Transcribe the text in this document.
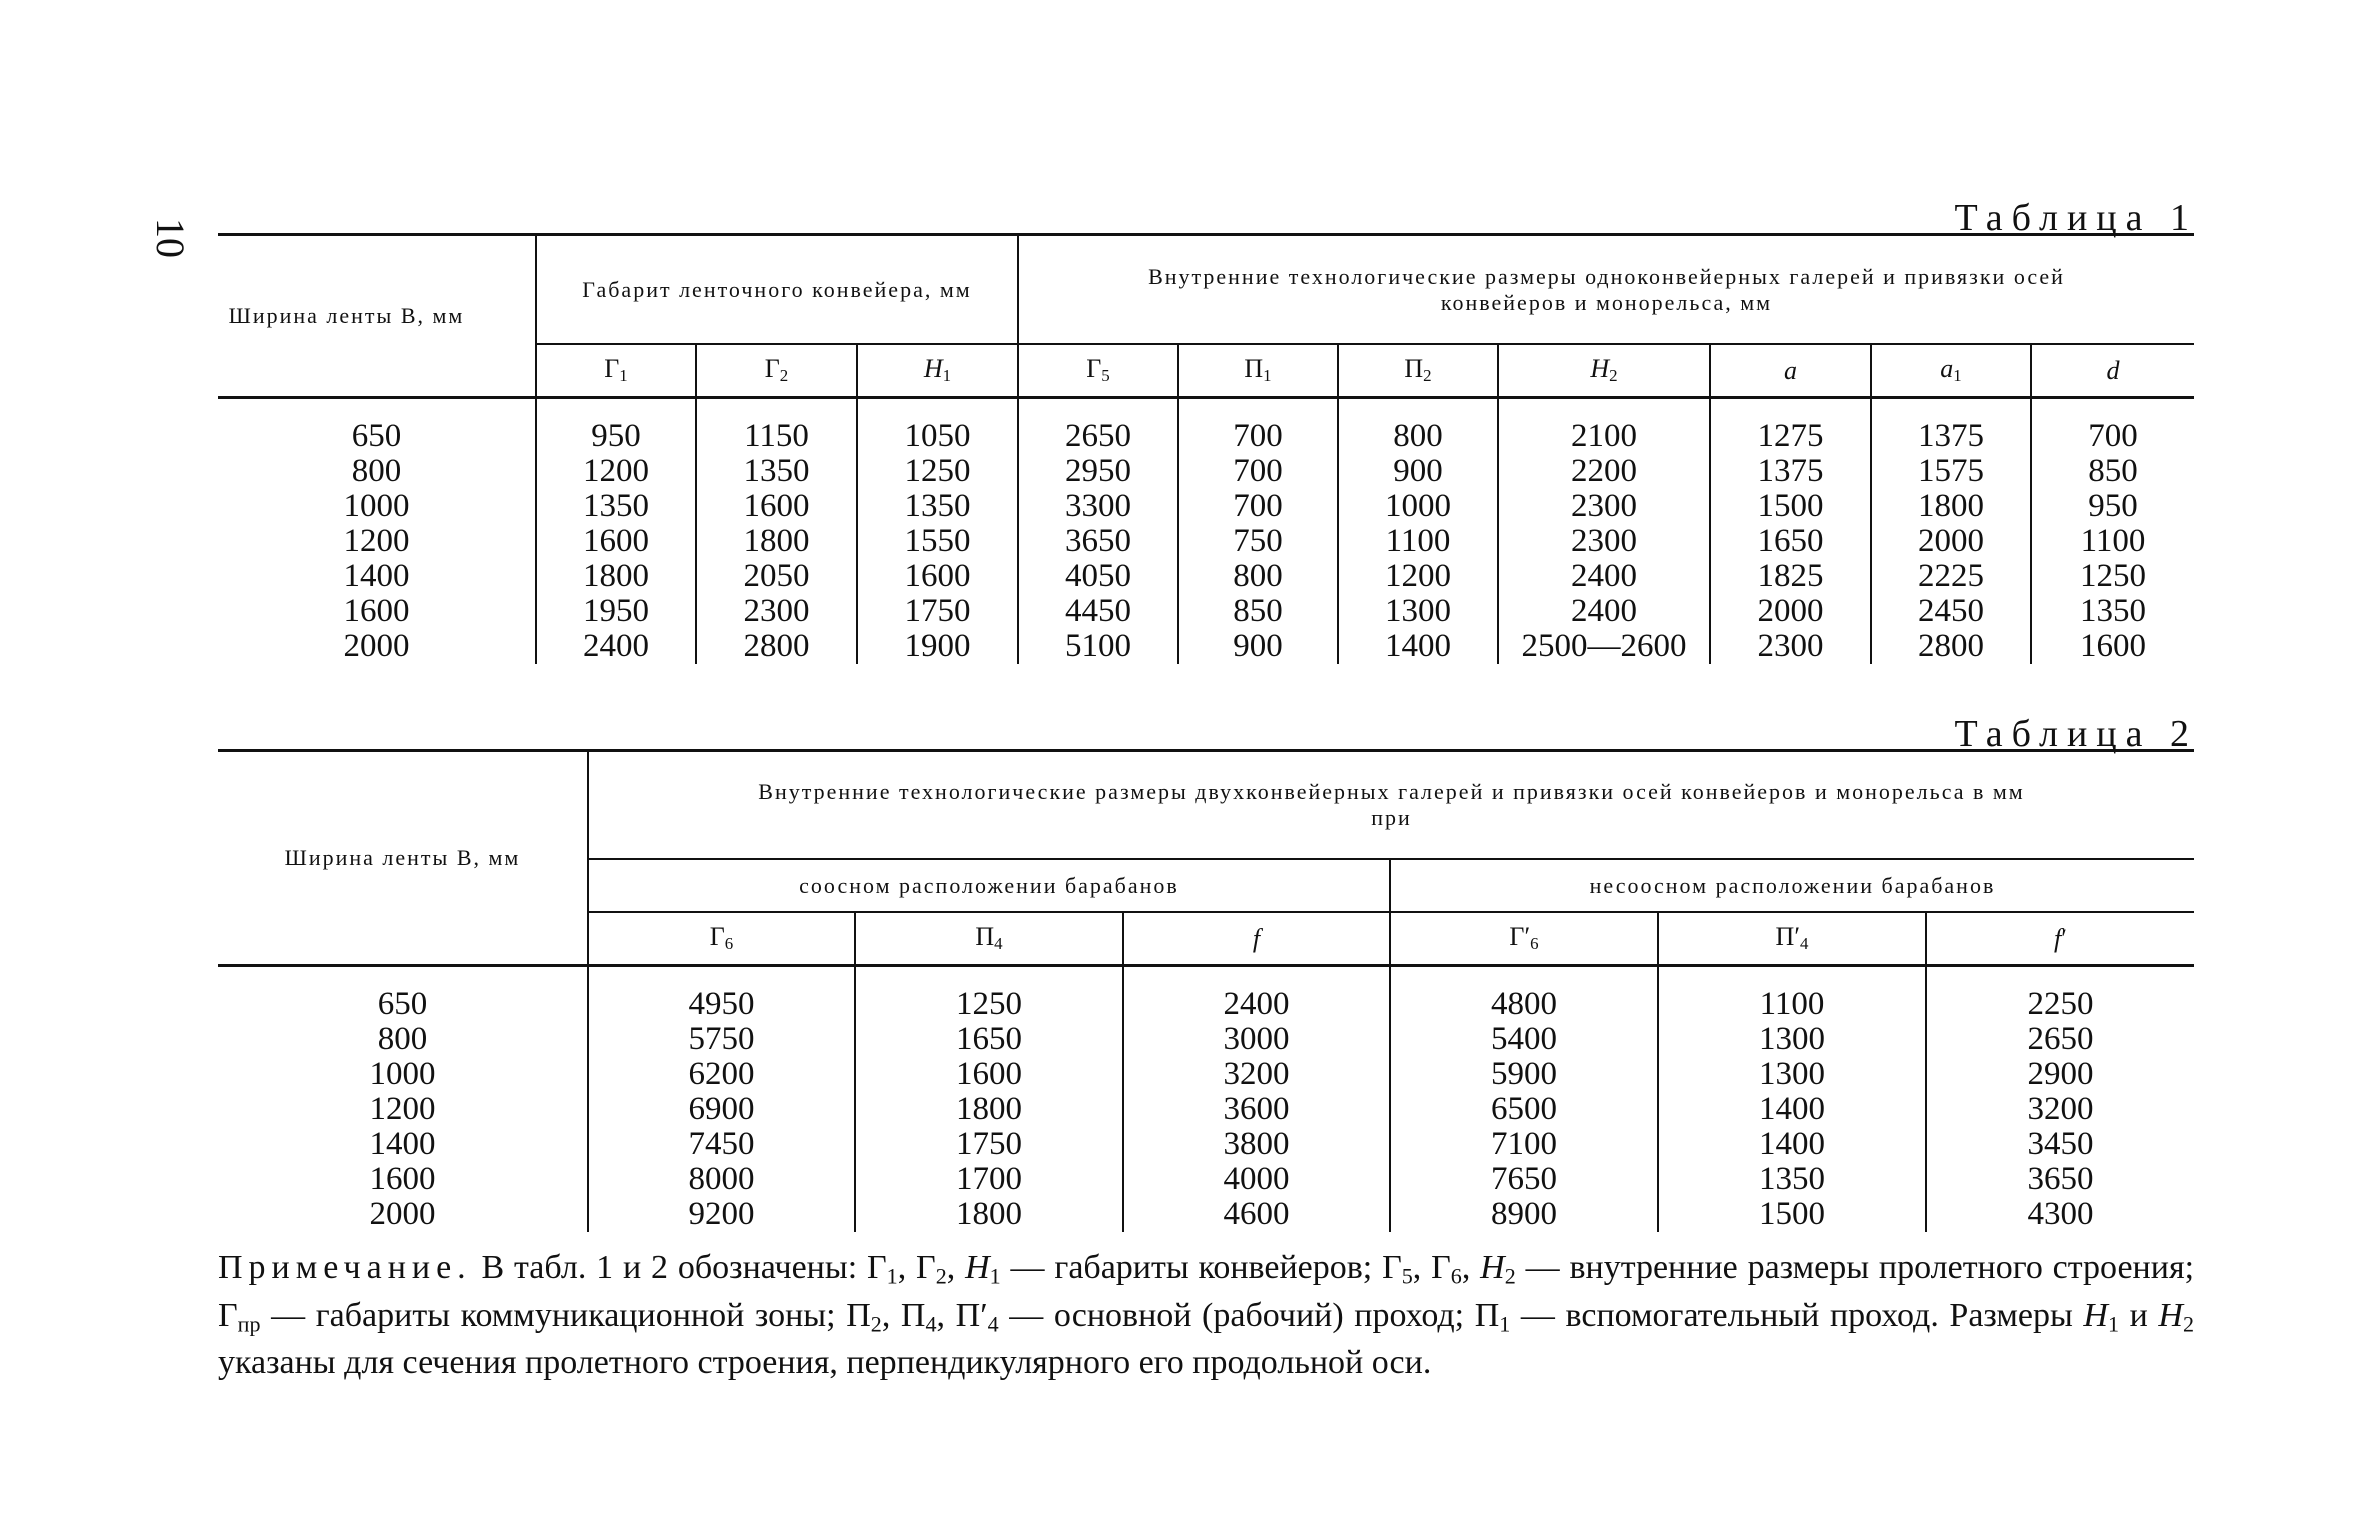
10	Таблица 1
Ширина ленты В, мм	Габарит ленточного конвейера, мм			Внутренние технологические размеры одноконвейерных галерей и привязки осей конвейеров и монорельса, мм						
	$Г_1$	$Г_2$	$H_1$	$Г_5$	$П_1$	$П_2$	$H_2$	a	$a_1$	d

650	950	1150	1050	2650	700	800	2100	1275	1375	700
800	1200	1350	1250	2950	700	900	2200	1375	1575	850
1000	1350	1600	1350	3300	700	1000	2300	1500	1800	950
1200	1600	1800	1550	3650	750	1100	2300	1650	2000	1100
1400	1800	2050	1600	4050	800	1200	2400	1825	2225	1250
1600	1950	2300	1750	4450	850	1300	2400	2000	2450	1350
2000	2400	2800	1900	5100	900	1400	2500—2600	2300	2800	1600
Таблица 2
Ширина ленты В, мм	Внутренние технологические размеры двухконвейерных галерей и привязки осей конвейеров и монорельса в мм при					
	соосном расположении барабанов			несоосном расположении барабанов		
	$Г_6$	$П_4$	f	$Г'_6$	$П'_4$	f′

650	4950	1250	2400	4800	1100	2250
800	5750	1650	3000	5400	1300	2650
1000	6200	1600	3200	5900	1300	2900
1200	6900	1800	3600	6500	1400	3200
1400	7450	1750	3800	7100	1400	3450
1600	8000	1700	4000	7650	1350	3650
2000	9200	1800	4600	8900	1500	4300
Примечание. В табл. 1 и 2 обозначены: $Г_1$, $Г_2$, $H_1$ — габариты конвейеров; $Г_5$, $Г_6$, $H_2$ — внутренние размеры пролетного строения; $Г_{пр}$ — габариты коммуникационной зоны; $П_2$, $П_4$, $П'_4$ — основной (рабочий) проход; $П_1$ — вспомогательный проход. Размеры $H_1$ и $H_2$ указаны для сечения пролетного строения, перпендикулярного его продольной оси.
